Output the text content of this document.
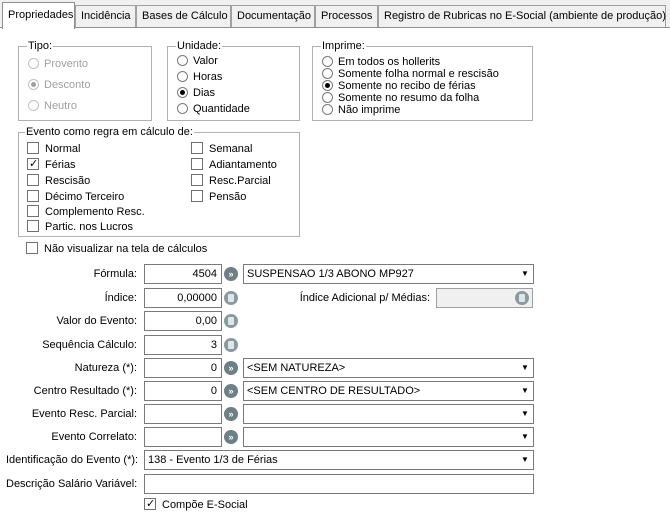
Propriedades Incidência	Bases de Cálculo Documentação Processos	Registro de Rubricas no E-Social (ambiente de produção)
Tipo:
Provento
Desconto
Neutro
Unidade:
Valor
Horas
Dias
Quantidade
Imprime:
Em todos os hollerits
Somente folha normal e rescisão
Somente no recibo de férias
Somente no resumo da folha
Não imprime
Evento como regra em cálculo de:
Normal
✓Férias
Rescisão
Décimo Terceiro
Complemento Resc.
Partic. nos Lucros
Semanal
Adiantamento
Resc.Parcial
Pensão
Não visualizar na tela de cálculos
Fórmula:	4504	»	SUSPENSAO 1/3 ABONO MP927	▼
Índice:	0,00000	Índice Adicional p/ Médias:
Valor do Evento:	0,00
Sequência Cálculo:	3
Natureza (*):	0	»	<SEM NATUREZA>	▼
Centro Resultado (*):	0	»	<SEM CENTRO DE RESULTADO>	▼
Evento Resc. Parcial:	»	▼
Evento Correlato:	»	▼
Identificação do Evento (*): 138 - Evento 1/3 de Férias	▼
Descrição Salário Variável:
✓Compõe E-Social
